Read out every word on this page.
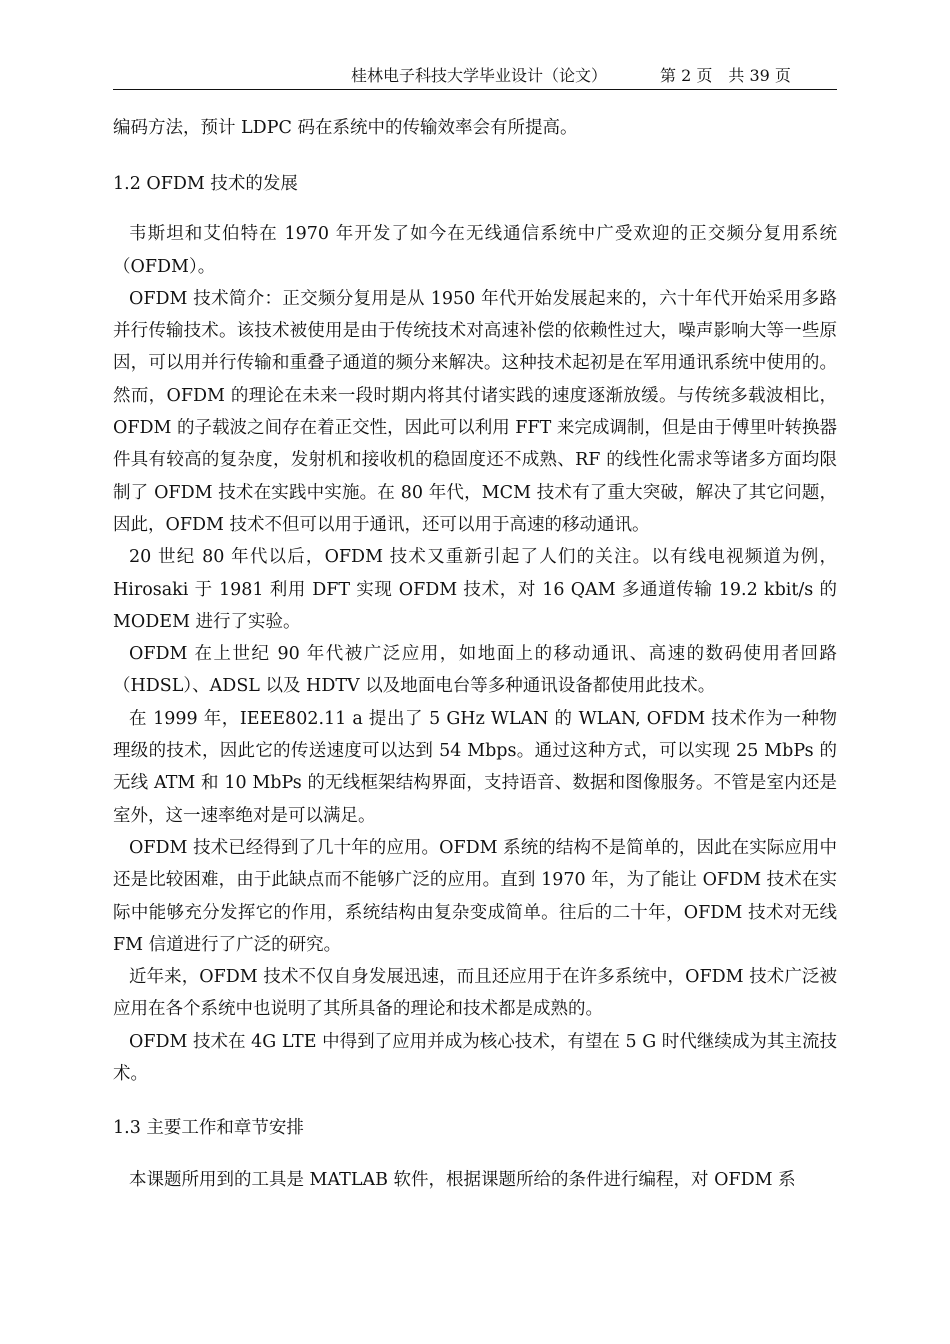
桂林电子科技大学毕业设计（论文）	第 2 页　共 39 页

编码方法，预计 LDPC 码在系统中的传输效率会有所提高。

1.2 OFDM 技术的发展

韦斯坦和艾伯特在 1970 年开发了如今在无线通信系统中广受欢迎的正交频分复用系统（OFDM）。

OFDM 技术简介：正交频分复用是从 1950 年代开始发展起来的，六十年代开始采用多路并行传输技术。该技术被使用是由于传统技术对高速补偿的依赖性过大，噪声影响大等一些原因，可以用并行传输和重叠子通道的频分来解决。这种技术起初是在军用通讯系统中使用的。然而，OFDM 的理论在未来一段时期内将其付诸实践的速度逐渐放缓。与传统多载波相比，OFDM 的子载波之间存在着正交性，因此可以利用 FFT 来完成调制，但是由于傅里叶转换器件具有较高的复杂度，发射机和接收机的稳固度还不成熟、RF 的线性化需求等诸多方面均限制了 OFDM 技术在实践中实施。在 80 年代，MCM 技术有了重大突破，解决了其它问题，因此，OFDM 技术不但可以用于通讯，还可以用于高速的移动通讯。

20 世纪 80 年代以后，OFDM 技术又重新引起了人们的关注。以有线电视频道为例，Hirosaki 于 1981 利用 DFT 实现 OFDM 技术，对 16 QAM 多通道传输 19.2 kbit/s 的 MODEM 进行了实验。

OFDM 在上世纪 90 年代被广泛应用，如地面上的移动通讯、高速的数码使用者回路（HDSL）、ADSL 以及 HDTV 以及地面电台等多种通讯设备都使用此技术。

在 1999 年，IEEE802.11 a 提出了 5 GHz WLAN 的 WLAN, OFDM 技术作为一种物理级的技术，因此它的传送速度可以达到 54 Mbps。通过这种方式，可以实现 25 MbPs 的无线 ATM 和 10 MbPs 的无线框架结构界面，支持语音、数据和图像服务。不管是室内还是室外，这一速率绝对是可以满足。

OFDM 技术已经得到了几十年的应用。OFDM 系统的结构不是简单的，因此在实际应用中还是比较困难，由于此缺点而不能够广泛的应用。直到 1970 年，为了能让 OFDM 技术在实际中能够充分发挥它的作用，系统结构由复杂变成简单。往后的二十年，OFDM 技术对无线 FM 信道进行了广泛的研究。

近年来，OFDM 技术不仅自身发展迅速，而且还应用于在许多系统中，OFDM 技术广泛被应用在各个系统中也说明了其所具备的理论和技术都是成熟的。

OFDM 技术在 4G LTE 中得到了应用并成为核心技术，有望在 5 G 时代继续成为其主流技术。

1.3 主要工作和章节安排

本课题所用到的工具是 MATLAB 软件，根据课题所给的条件进行编程，对 OFDM 系
